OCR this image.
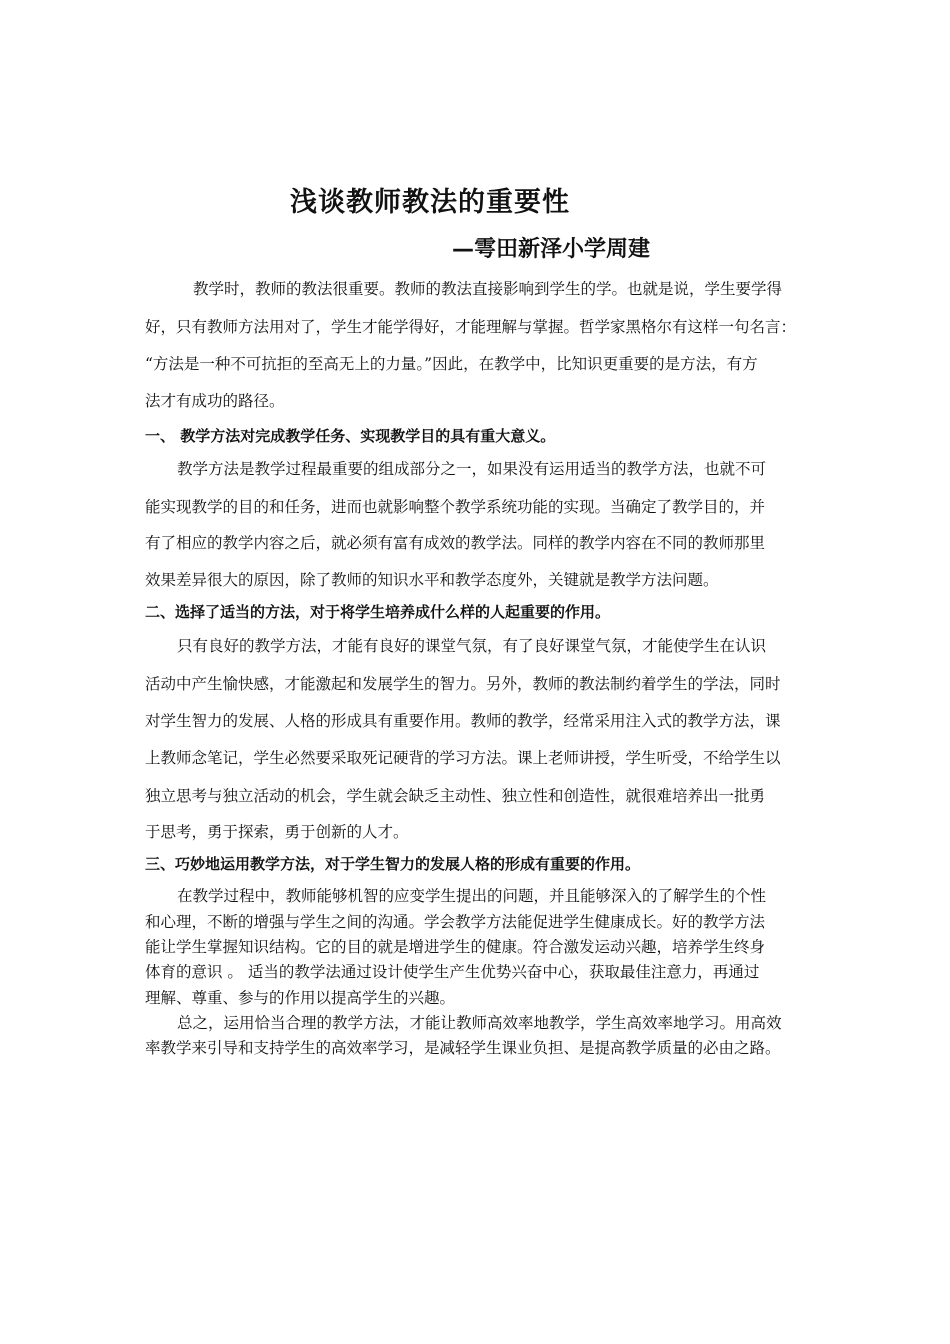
浅谈教师教法的重要性
—雩田新泽小学周建
教学时，教师的教法很重要。教师的教法直接影响到学生的学。也就是说，学生要学得
好，只有教师方法用对了，学生才能学得好，才能理解与掌握。哲学家黑格尔有这样一句名言：
“方法是一种不可抗拒的至高无上的力量。”因此，在教学中，比知识更重要的是方法，有方
法才有成功的路径。
一、 教学方法对完成教学任务、实现教学目的具有重大意义。
教学方法是教学过程最重要的组成部分之一，如果没有运用适当的教学方法，也就不可
能实现教学的目的和任务，进而也就影响整个教学系统功能的实现。当确定了教学目的，并
有了相应的教学内容之后，就必须有富有成效的教学法。同样的教学内容在不同的教师那里
效果差异很大的原因，除了教师的知识水平和教学态度外，关键就是教学方法问题。
二、选择了适当的方法，对于将学生培养成什么样的人起重要的作用。
只有良好的教学方法，才能有良好的课堂气氛，有了良好课堂气氛，才能使学生在认识
活动中产生愉快感，才能激起和发展学生的智力。另外，教师的教法制约着学生的学法，同时
对学生智力的发展、人格的形成具有重要作用。教师的教学，经常采用注入式的教学方法，课
上教师念笔记，学生必然要采取死记硬背的学习方法。课上老师讲授，学生听受，不给学生以
独立思考与独立活动的机会，学生就会缺乏主动性、独立性和创造性，就很难培养出一批勇
于思考，勇于探索，勇于创新的人才。
三、巧妙地运用教学方法，对于学生智力的发展人格的形成有重要的作用。
在教学过程中，教师能够机智的应变学生提出的问题，并且能够深入的了解学生的个性
和心理，不断的增强与学生之间的沟通。学会教学方法能促进学生健康成长。好的教学方法
能让学生掌握知识结构。它的目的就是增进学生的健康。符合激发运动兴趣，培养学生终身
体育的意识 。 适当的教学法通过设计使学生产生优势兴奋中心，获取最佳注意力，再通过
理解、尊重、参与的作用以提高学生的兴趣。
总之，运用恰当合理的教学方法，才能让教师高效率地教学，学生高效率地学习。用高效
率教学来引导和支持学生的高效率学习，是减轻学生课业负担、是提高教学质量的必由之路。
